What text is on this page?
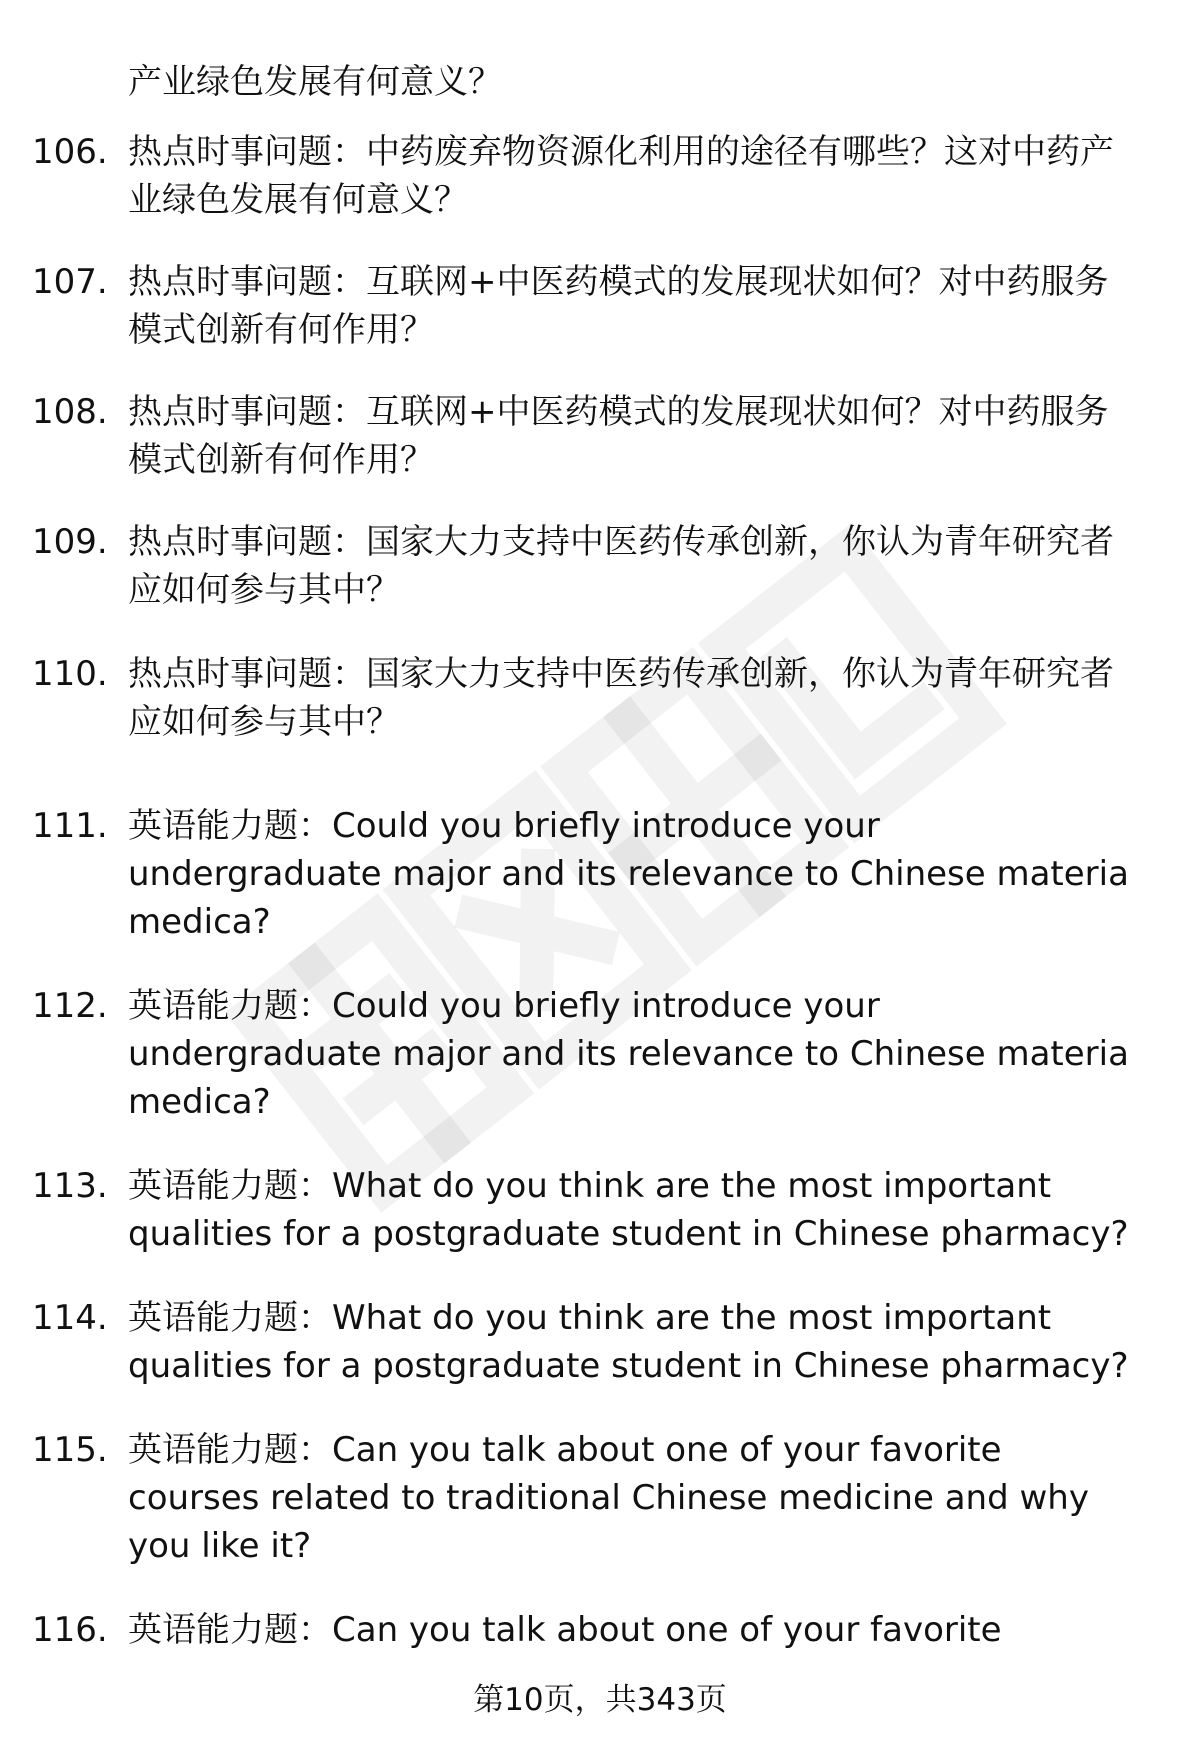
产业绿色发展有何意义？
106. 热点时事问题：中药废弃物资源化利用的途径有哪些？这对中药产业绿色发展有何意义？
107. 热点时事问题：互联网+中医药模式的发展现状如何？对中药服务模式创新有何作用？
108. 热点时事问题：互联网+中医药模式的发展现状如何？对中药服务模式创新有何作用？
109. 热点时事问题：国家大力支持中医药传承创新，你认为青年研究者应如何参与其中？
110. 热点时事问题：国家大力支持中医药传承创新，你认为青年研究者应如何参与其中？
111. 英语能力题：Could you briefly introduce your undergraduate major and its relevance to Chinese materia medica?
112. 英语能力题：Could you briefly introduce your undergraduate major and its relevance to Chinese materia medica?
113. 英语能力题：What do you think are the most important qualities for a postgraduate student in Chinese pharmacy?
114. 英语能力题：What do you think are the most important qualities for a postgraduate student in Chinese pharmacy?
115. 英语能力题：Can you talk about one of your favorite courses related to traditional Chinese medicine and why you like it?
116. 英语能力题：Can you talk about one of your favorite
第10页，共343页
